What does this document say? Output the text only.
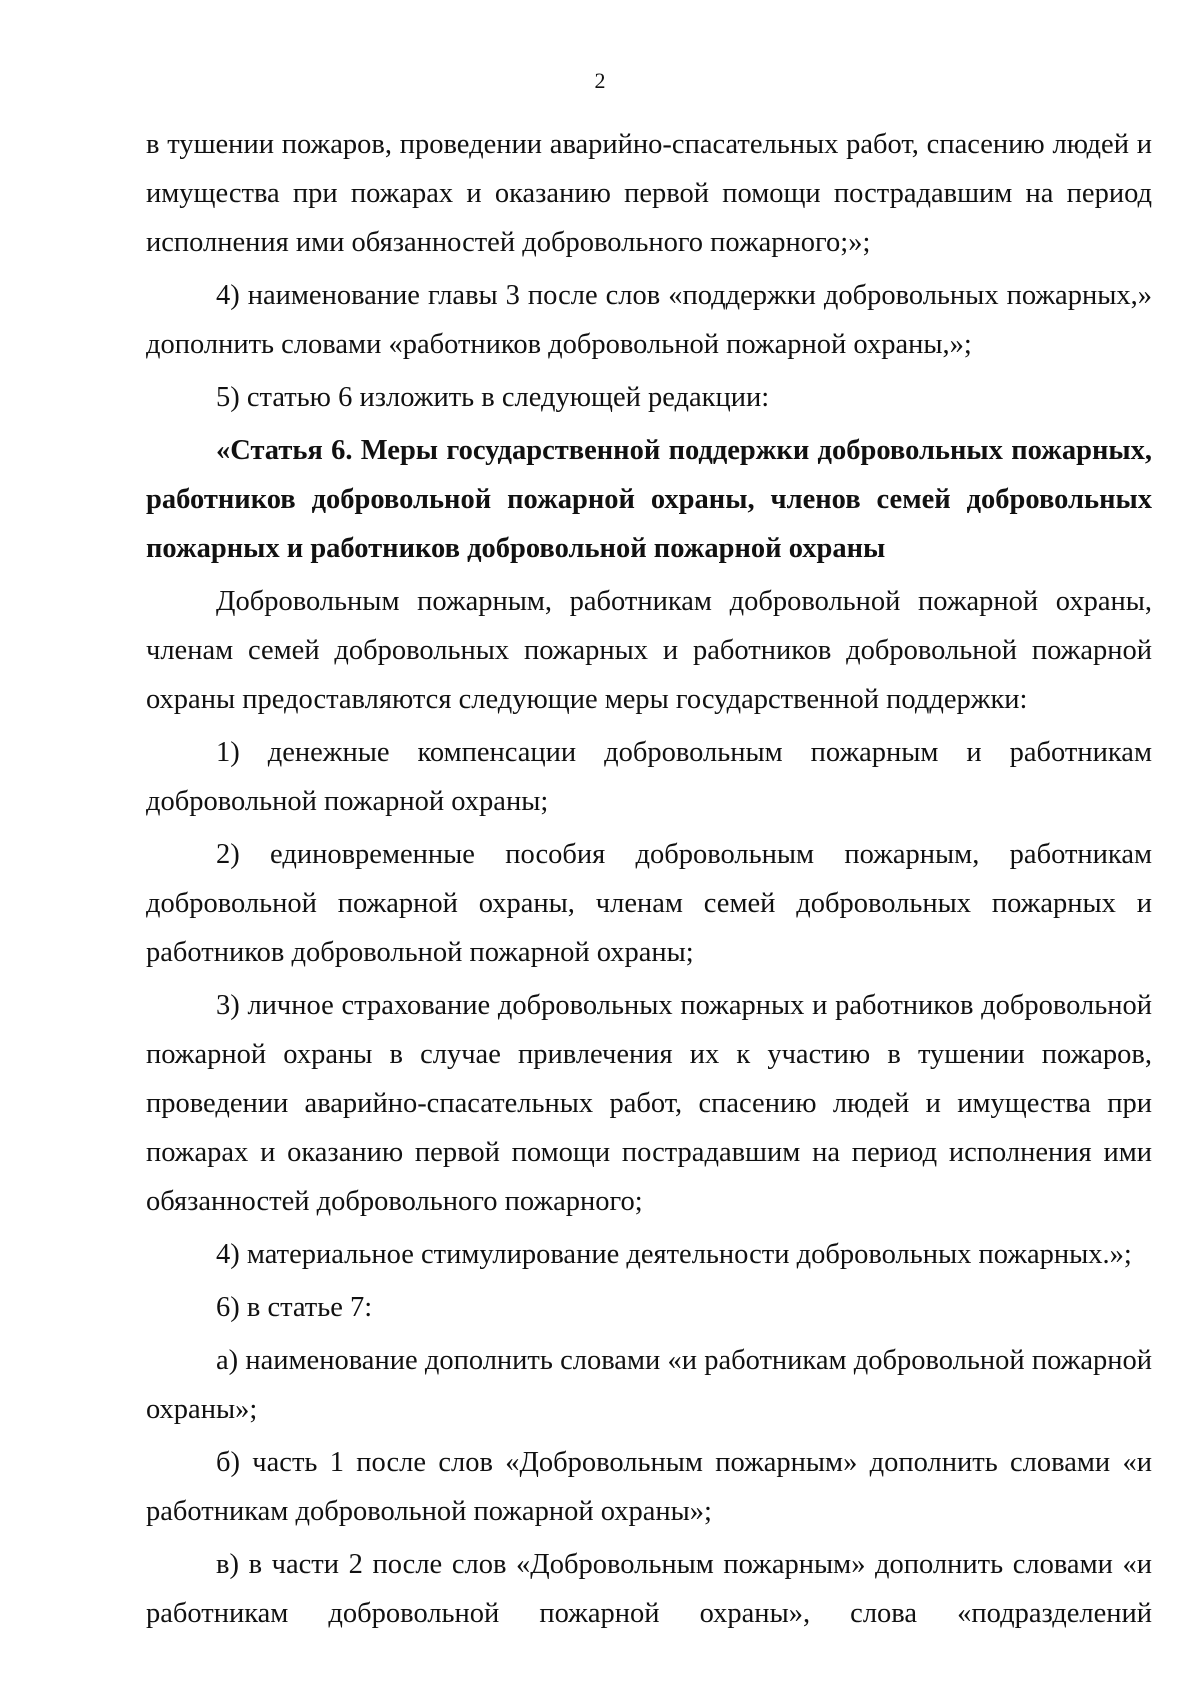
2

в тушении пожаров, проведении аварийно-спасательных работ, спасению людей и имущества при пожарах и оказанию первой помощи пострадавшим на период исполнения ими обязанностей добровольного пожарного;»;

4) наименование главы 3 после слов «поддержки добровольных пожарных,» дополнить словами «работников добровольной пожарной охраны,»;

5) статью 6 изложить в следующей редакции:

«Статья 6. Меры государственной поддержки добровольных пожарных, работников добровольной пожарной охраны, членов семей добровольных пожарных и работников добровольной пожарной охраны

Добровольным пожарным, работникам добровольной пожарной охраны, членам семей добровольных пожарных и работников добровольной пожарной охраны предоставляются следующие меры государственной поддержки:

1) денежные компенсации добровольным пожарным и работникам добровольной пожарной охраны;

2) единовременные пособия добровольным пожарным, работникам добровольной пожарной охраны, членам семей добровольных пожарных и работников добровольной пожарной охраны;

3) личное страхование добровольных пожарных и работников добровольной пожарной охраны в случае привлечения их к участию в тушении пожаров, проведении аварийно-спасательных работ, спасению людей и имущества при пожарах и оказанию первой помощи пострадавшим на период исполнения ими обязанностей добровольного пожарного;

4) материальное стимулирование деятельности добровольных пожарных.»;

6) в статье 7:

а) наименование дополнить словами «и работникам добровольной пожарной охраны»;

б) часть 1 после слов «Добровольным пожарным» дополнить словами «и работникам добровольной пожарной охраны»;

в) в части 2 после слов «Добровольным пожарным» дополнить словами «и работникам добровольной пожарной охраны», слова «подразделений
